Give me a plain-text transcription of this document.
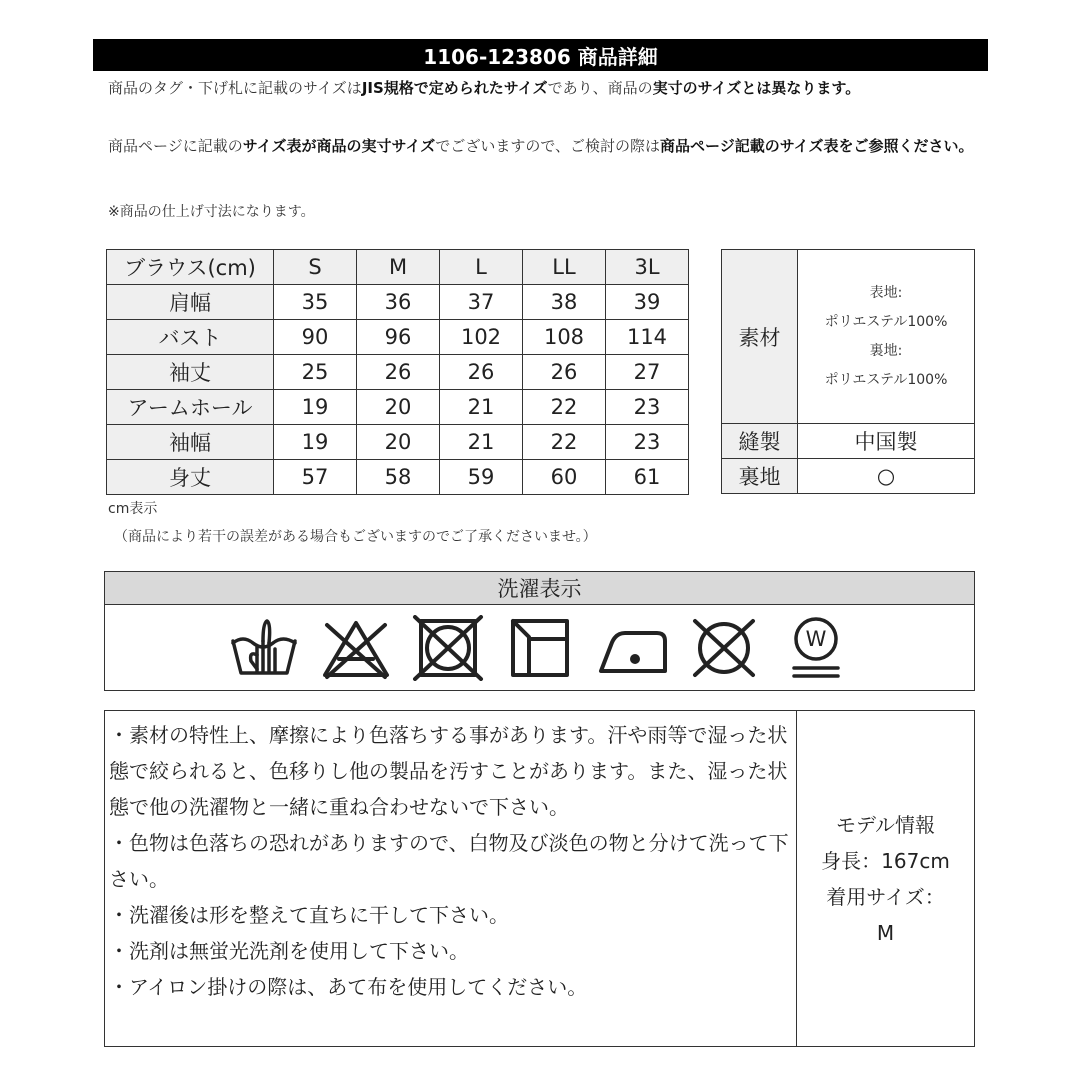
1106-123806 商品詳細
商品のタグ・下げ札に記載のサイズはJIS規格で定められたサイズであり、商品の実寸のサイズとは異なります。
商品ページに記載のサイズ表が商品の実寸サイズでございますので、ご検討の際は商品ページ記載のサイズ表をご参照ください。
※商品の仕上げ寸法になります。
ブラウス(cm)	S	M	L	LL	3L
肩幅	35	36	37	38	39
バスト	90	96	102	108	114
袖丈	25	26	26	26	27
アームホール	19	20	21	22	23
袖幅	19	20	21	22	23
身丈	57	58	59	60	61
素材	表地:
ポリエステル100%
裏地:
ポリエステル100%

縫製	中国製
裏地	○
cm表示
（商品により若干の誤差がある場合もございますのでご了承くださいませ。）
洗濯表示
W

・素材の特性上、摩擦により色落ちする事があります。汗や雨等で湿った状態で絞られると、色移りし他の製品を汚すことがあります。また、湿った状態で他の洗濯物と一緒に重ね合わせないで下さい。

・色物は色落ちの恐れがありますので、白物及び淡色の物と分けて洗って下さい。

・洗濯後は形を整えて直ちに干して下さい。

・洗剤は無蛍光洗剤を使用して下さい。

・アイロン掛けの際は、あて布を使用してください。

モデル情報
身長：167cm
着用サイズ：
M
